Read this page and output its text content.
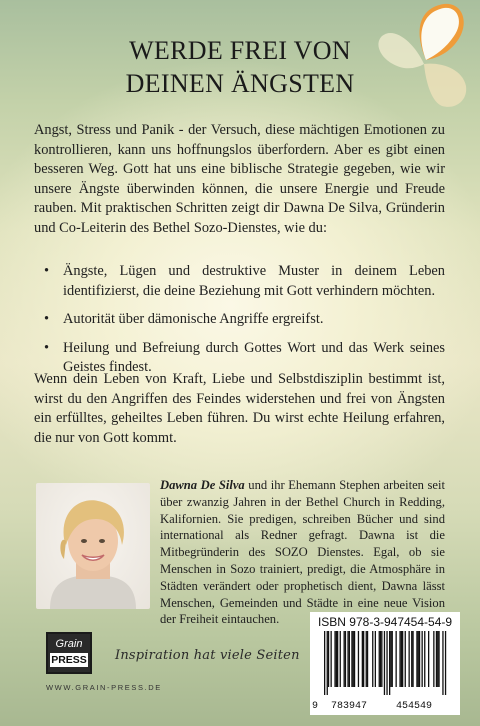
WERDE FREI VON
DEINEN ÄNGSTEN

Angst, Stress und Panik - der Versuch, diese mächtigen Emotionen zu kontrollieren, kann uns hoffnungslos überfordern. Aber es gibt einen besseren Weg. Gott hat uns eine biblische Strategie gegeben, wie wir unsere Ängste überwinden können, die unsere Energie und Freude rauben. Mit praktischen Schritten zeigt dir Dawna De Silva, Gründerin und Co-Leiterin des Bethel Sozo-Dienstes, wie du:

• Ängste, Lügen und destruktive Muster in deinem Leben identifizierst, die deine Beziehung mit Gott verhindern möchten.
• Autorität über dämonische Angriffe ergreifst.
• Heilung und Befreiung durch Gottes Wort und das Werk seines Geistes findest.

Wenn dein Leben von Kraft, Liebe und Selbstdisziplin bestimmt ist, wirst du den Angriffen des Feindes widerstehen und frei von Ängsten ein erfülltes, geheiltes Leben führen. Du wirst echte Heilung erfahren, die nur von Gott kommt.

Dawna De Silva und ihr Ehemann Stephen arbeiten seit über zwanzig Jahren in der Bethel Church in Redding, Kalifornien. Sie predigen, schreiben Bücher und sind international als Redner gefragt. Dawna ist die Mitbegründerin des SOZO Dienstes. Egal, ob sie Menschen in Sozo trainiert, predigt, die Atmosphäre in Städten verändert oder prophetisch dient, Dawna lässt Menschen, Gemeinden und Städte in eine neue Vision der Freiheit eintauchen.

Grain
PRESS Inspiration hat viele Seiten
WWW.GRAIN-PRESS.DE
ISBN 978-3-947454-54-9
9 783947	454549
